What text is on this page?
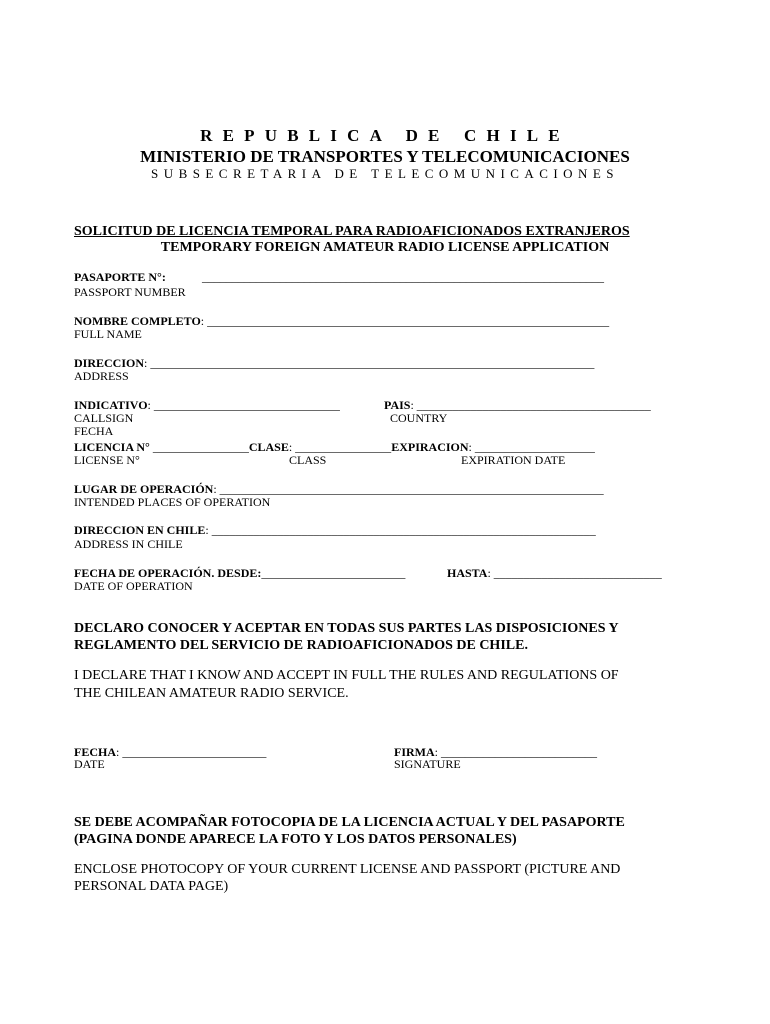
REPUBLICA DE CHILE
MINISTERIO DE TRANSPORTES Y TELECOMUNICACIONES
SUBSECRETARIA DE TELECOMUNICACIONES
SOLICITUD DE LICENCIA TEMPORAL PARA RADIOAFICIONADOS EXTRANJEROS
TEMPORARY FOREIGN AMATEUR RADIO LICENSE APPLICATION
PASAPORTE N°:	___________________________________________________________________
PASSPORT NUMBER
NOMBRE COMPLETO: ___________________________________________________________________
FULL NAME
DIRECCION: __________________________________________________________________________
ADDRESS
INDICATIVO: _______________________________	PAIS: _______________________________________
CALLSIGN	COUNTRY
FECHA
LICENCIA N° ________________CLASE: ________________EXPIRACION: ____________________
LICENSE N°	CLASS	EXPIRATION DATE
LUGAR DE OPERACIÓN: ________________________________________________________________
INTENDED PLACES OF OPERATION
DIRECCION EN CHILE: ________________________________________________________________
ADDRESS IN CHILE
FECHA DE OPERACIÓN. DESDE:________________________	HASTA: ____________________________
DATE OF OPERATION
DECLARO CONOCER Y ACEPTAR EN TODAS SUS PARTES LAS DISPOSICIONES Y
REGLAMENTO DEL SERVICIO DE RADIOAFICIONADOS DE CHILE.
I DECLARE THAT I KNOW AND ACCEPT IN FULL THE RULES AND REGULATIONS OF
THE CHILEAN AMATEUR RADIO SERVICE.
FECHA: ________________________
DATE
FIRMA: __________________________
SIGNATURE
SE DEBE ACOMPAÑAR FOTOCOPIA DE LA LICENCIA ACTUAL Y DEL PASAPORTE
(PAGINA DONDE APARECE LA FOTO Y LOS DATOS PERSONALES)
ENCLOSE PHOTOCOPY OF YOUR CURRENT LICENSE AND PASSPORT (PICTURE AND
PERSONAL DATA PAGE)
